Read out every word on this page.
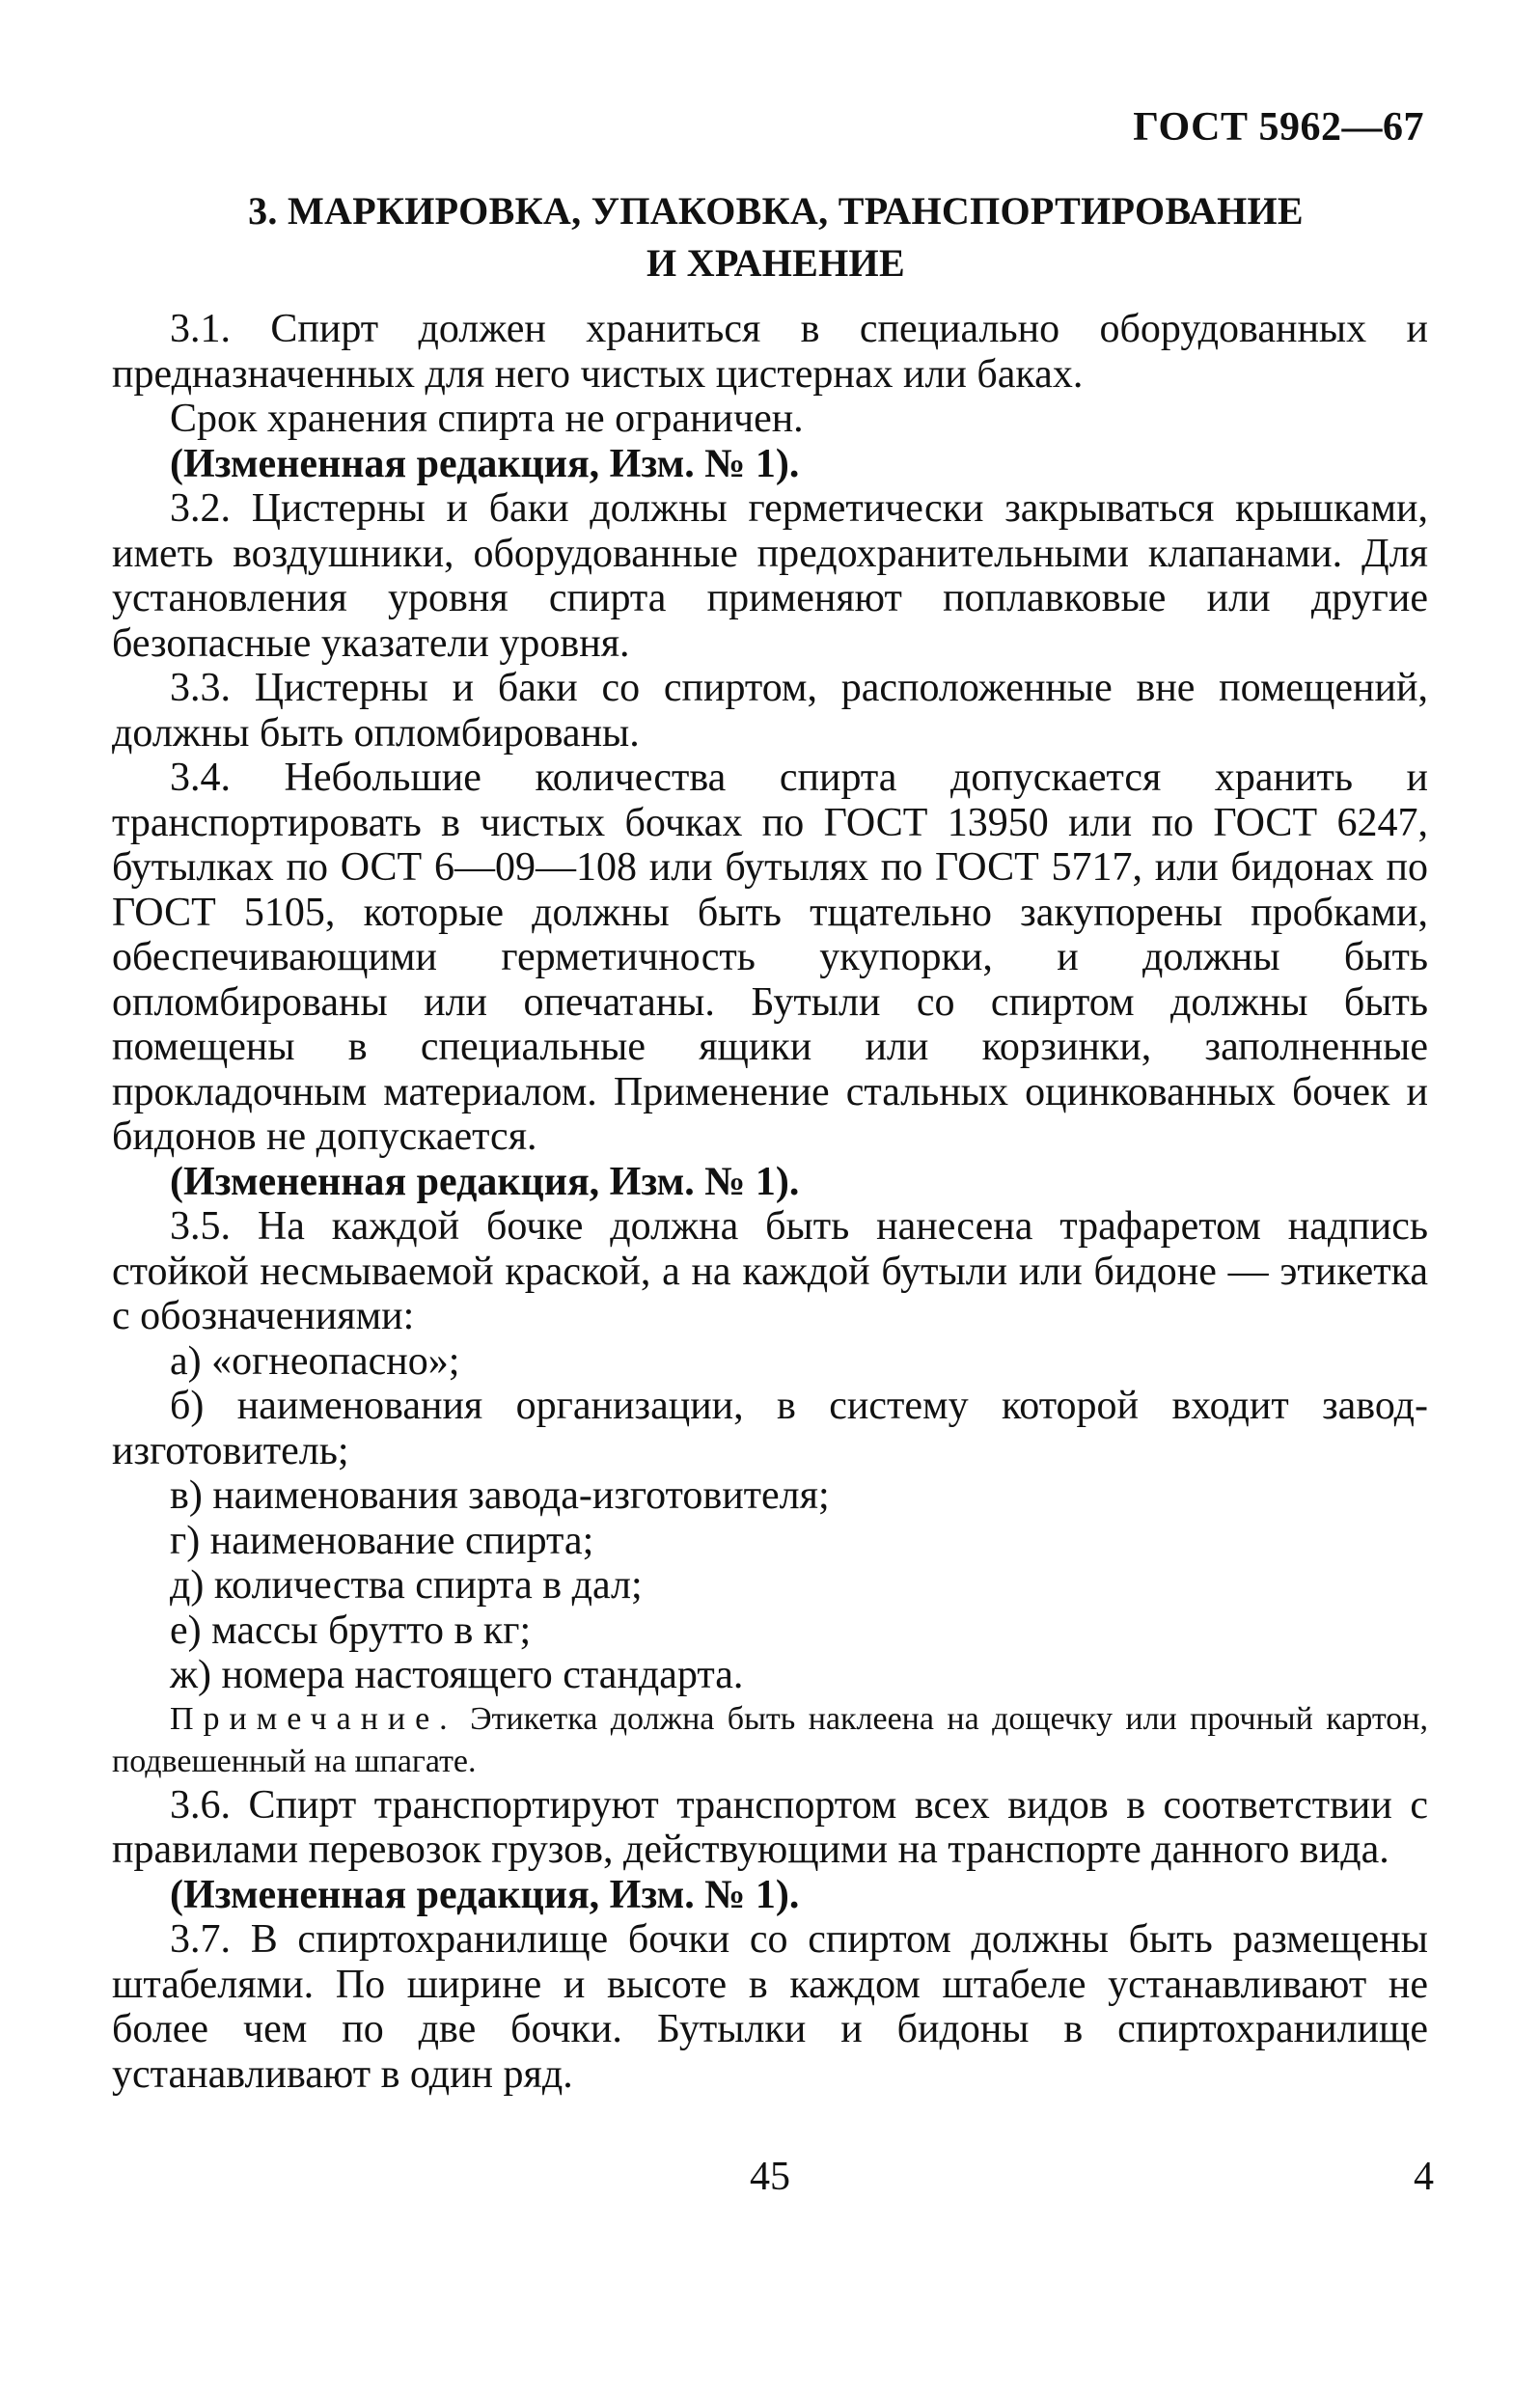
ГОСТ 5962—67
3. МАРКИРОВКА, УПАКОВКА, ТРАНСПОРТИРОВАНИЕ
И ХРАНЕНИЕ

3.1. Спирт должен храниться в специально оборудованных и предназначенных для него чистых цистернах или баках.

Срок хранения спирта не ограничен.

(Измененная редакция, Изм. № 1).

3.2. Цистерны и баки должны герметически закрываться крышками, иметь воздушники, оборудованные предохранительными клапанами. Для установления уровня спирта применяют поплавковые или другие безопасные указатели уровня.

3.3. Цистерны и баки со спиртом, расположенные вне помещений, должны быть опломбированы.

3.4. Небольшие количества спирта допускается хранить и транспортировать в чистых бочках по ГОСТ 13950 или по ГОСТ 6247, бутылках по ОСТ 6—09—108 или бутылях по ГОСТ 5717, или бидонах по ГОСТ 5105, которые должны быть тщательно закупорены пробками, обеспечивающими герметичность укупорки, и должны быть опломбированы или опечатаны. Бутыли со спиртом должны быть помещены в специальные ящики или корзинки, заполненные прокладочным материалом. Применение стальных оцинкованных бочек и бидонов не допускается.

(Измененная редакция, Изм. № 1).

3.5. На каждой бочке должна быть нанесена трафаретом надпись стойкой несмываемой краской, а на каждой бутыли или бидоне — этикетка с обозначениями:

а) «огнеопасно»;

б) наименования организации, в систему которой входит завод-изготовитель;

в) наименования завода-изготовителя;

г) наименование спирта;

д) количества спирта в дал;

е) массы брутто в кг;

ж) номера настоящего стандарта.

Примечание. Этикетка должна быть наклеена на дощечку или прочный картон, подвешенный на шпагате.

3.6. Спирт транспортируют транспортом всех видов в соответствии с правилами перевозок грузов, действующими на транспорте данного вида.

(Измененная редакция, Изм. № 1).

3.7. В спиртохранилище бочки со спиртом должны быть размещены штабелями. По ширине и высоте в каждом штабеле устанавливают не более чем по две бочки. Бутылки и бидоны в спиртохранилище устанавливают в один ряд.

45	4
